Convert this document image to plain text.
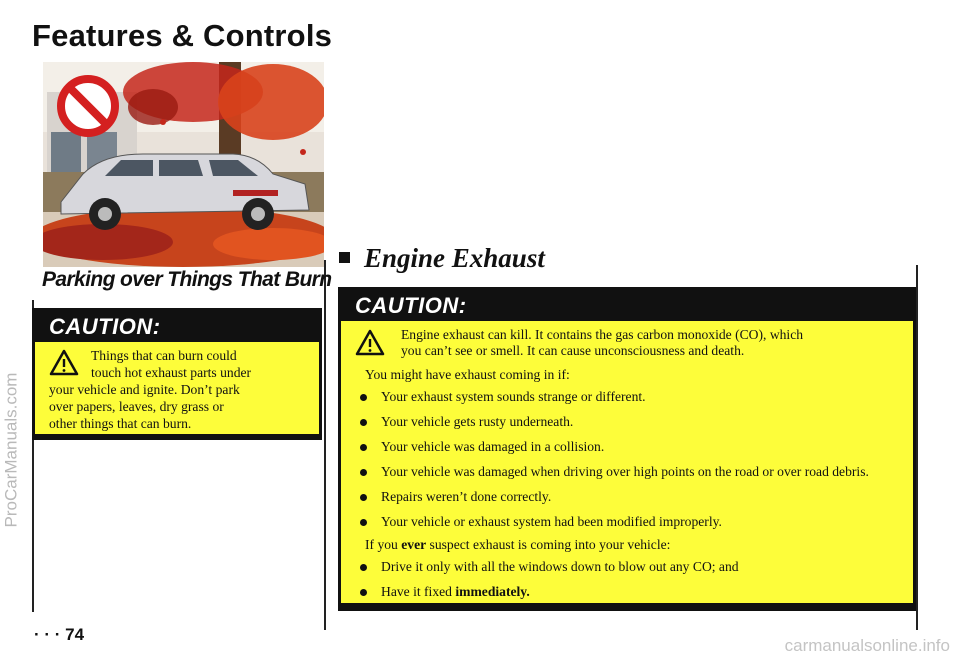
Features & Controls
ProCarManuals.com
Parking over Things That Burn
CAUTION:
Things that can burn could
touch hot exhaust parts under
your vehicle and ignite. Don’t park
over papers, leaves, dry grass or
other things that can burn.
Engine Exhaust
CAUTION:
Engine exhaust can kill. It contains the gas carbon monoxide (CO), which
you can’t see or smell. It can cause unconsciousness and death.
You might have exhaust coming in if:
Your exhaust system sounds strange or different.
Your vehicle gets rusty underneath.
Your vehicle was damaged in a collision.
Your vehicle was damaged when driving over high points on the road or over road debris.
Repairs weren’t done correctly.
Your vehicle or exhaust system had been modified improperly.
If you ever suspect exhaust is coming into your vehicle:
Drive it only with all the windows down to blow out any CO; and
Have it fixed immediately.
· · · 74
carmanualsonline.info
